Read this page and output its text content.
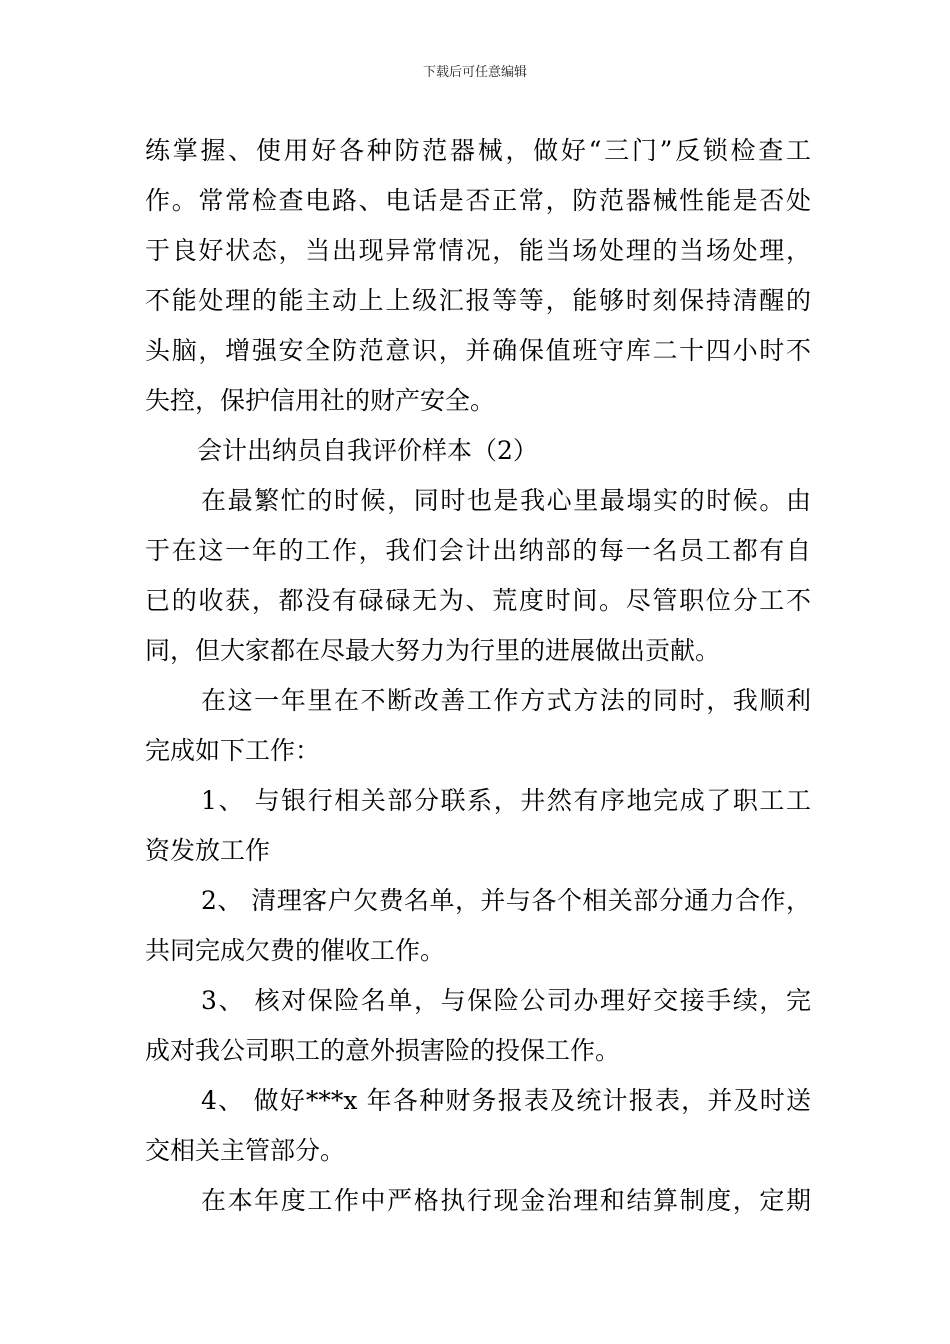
下载后可任意编辑
练掌握、使用好各种防范器械，做好“三门”反锁检查工
作。常常检查电路、电话是否正常，防范器械性能是否处
于良好状态，当出现异常情况，能当场处理的当场处理，
不能处理的能主动上上级汇报等等，能够时刻保持清醒的
头脑，增强安全防范意识，并确保值班守库二十四小时不
失控，保护信用社的财产安全。
会计出纳员自我评价样本（2）
在最繁忙的时候，同时也是我心里最塌实的时候。由
于在这一年的工作，我们会计出纳部的每一名员工都有自
已的收获，都没有碌碌无为、荒度时间。尽管职位分工不
同，但大家都在尽最大努力为行里的进展做出贡献。
在这一年里在不断改善工作方式方法的同时，我顺利
完成如下工作：
1、 与银行相关部分联系，井然有序地完成了职工工
资发放工作
2、 清理客户欠费名单，并与各个相关部分通力合作，
共同完成欠费的催收工作。
3、 核对保险名单，与保险公司办理好交接手续，完
成对我公司职工的意外损害险的投保工作。
4、 做好***x 年各种财务报表及统计报表，并及时送
交相关主管部分。
在本年度工作中严格执行现金治理和结算制度，定期
